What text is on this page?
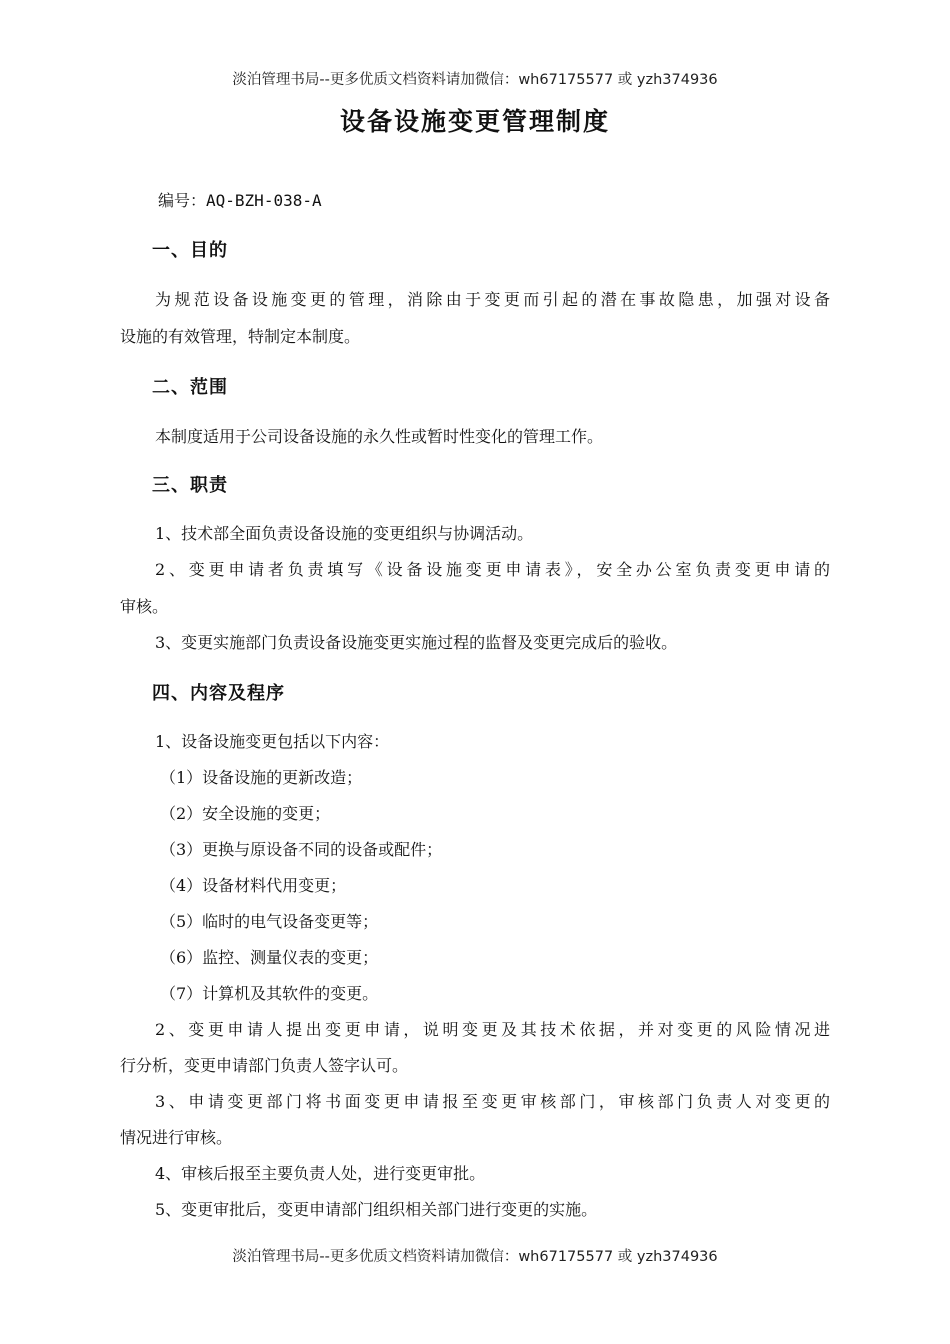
淡泊管理书局--更多优质文档资料请加微信：wh67175577 或 yzh374936
设备设施变更管理制度
编号：AQ-BZH-038-A
一、目的
为规范设备设施变更的管理，消除由于变更而引起的潜在事故隐患，加强对设备
设施的有效管理，特制定本制度。
二、范围
本制度适用于公司设备设施的永久性或暂时性变化的管理工作。
三、职责
1、技术部全面负责设备设施的变更组织与协调活动。
2、变更申请者负责填写《设备设施变更申请表》，安全办公室负责变更申请的
审核。
3、变更实施部门负责设备设施变更实施过程的监督及变更完成后的验收。
四、内容及程序
1、设备设施变更包括以下内容：
（1）设备设施的更新改造；
（2）安全设施的变更；
（3）更换与原设备不同的设备或配件；
（4）设备材料代用变更；
（5）临时的电气设备变更等；
（6）监控、测量仪表的变更；
（7）计算机及其软件的变更。
2、变更申请人提出变更申请，说明变更及其技术依据，并对变更的风险情况进
行分析，变更申请部门负责人签字认可。
3、申请变更部门将书面变更申请报至变更审核部门，审核部门负责人对变更的
情况进行审核。
4、审核后报至主要负责人处，进行变更审批。
5、变更审批后，变更申请部门组织相关部门进行变更的实施。
淡泊管理书局--更多优质文档资料请加微信：wh67175577 或 yzh374936
